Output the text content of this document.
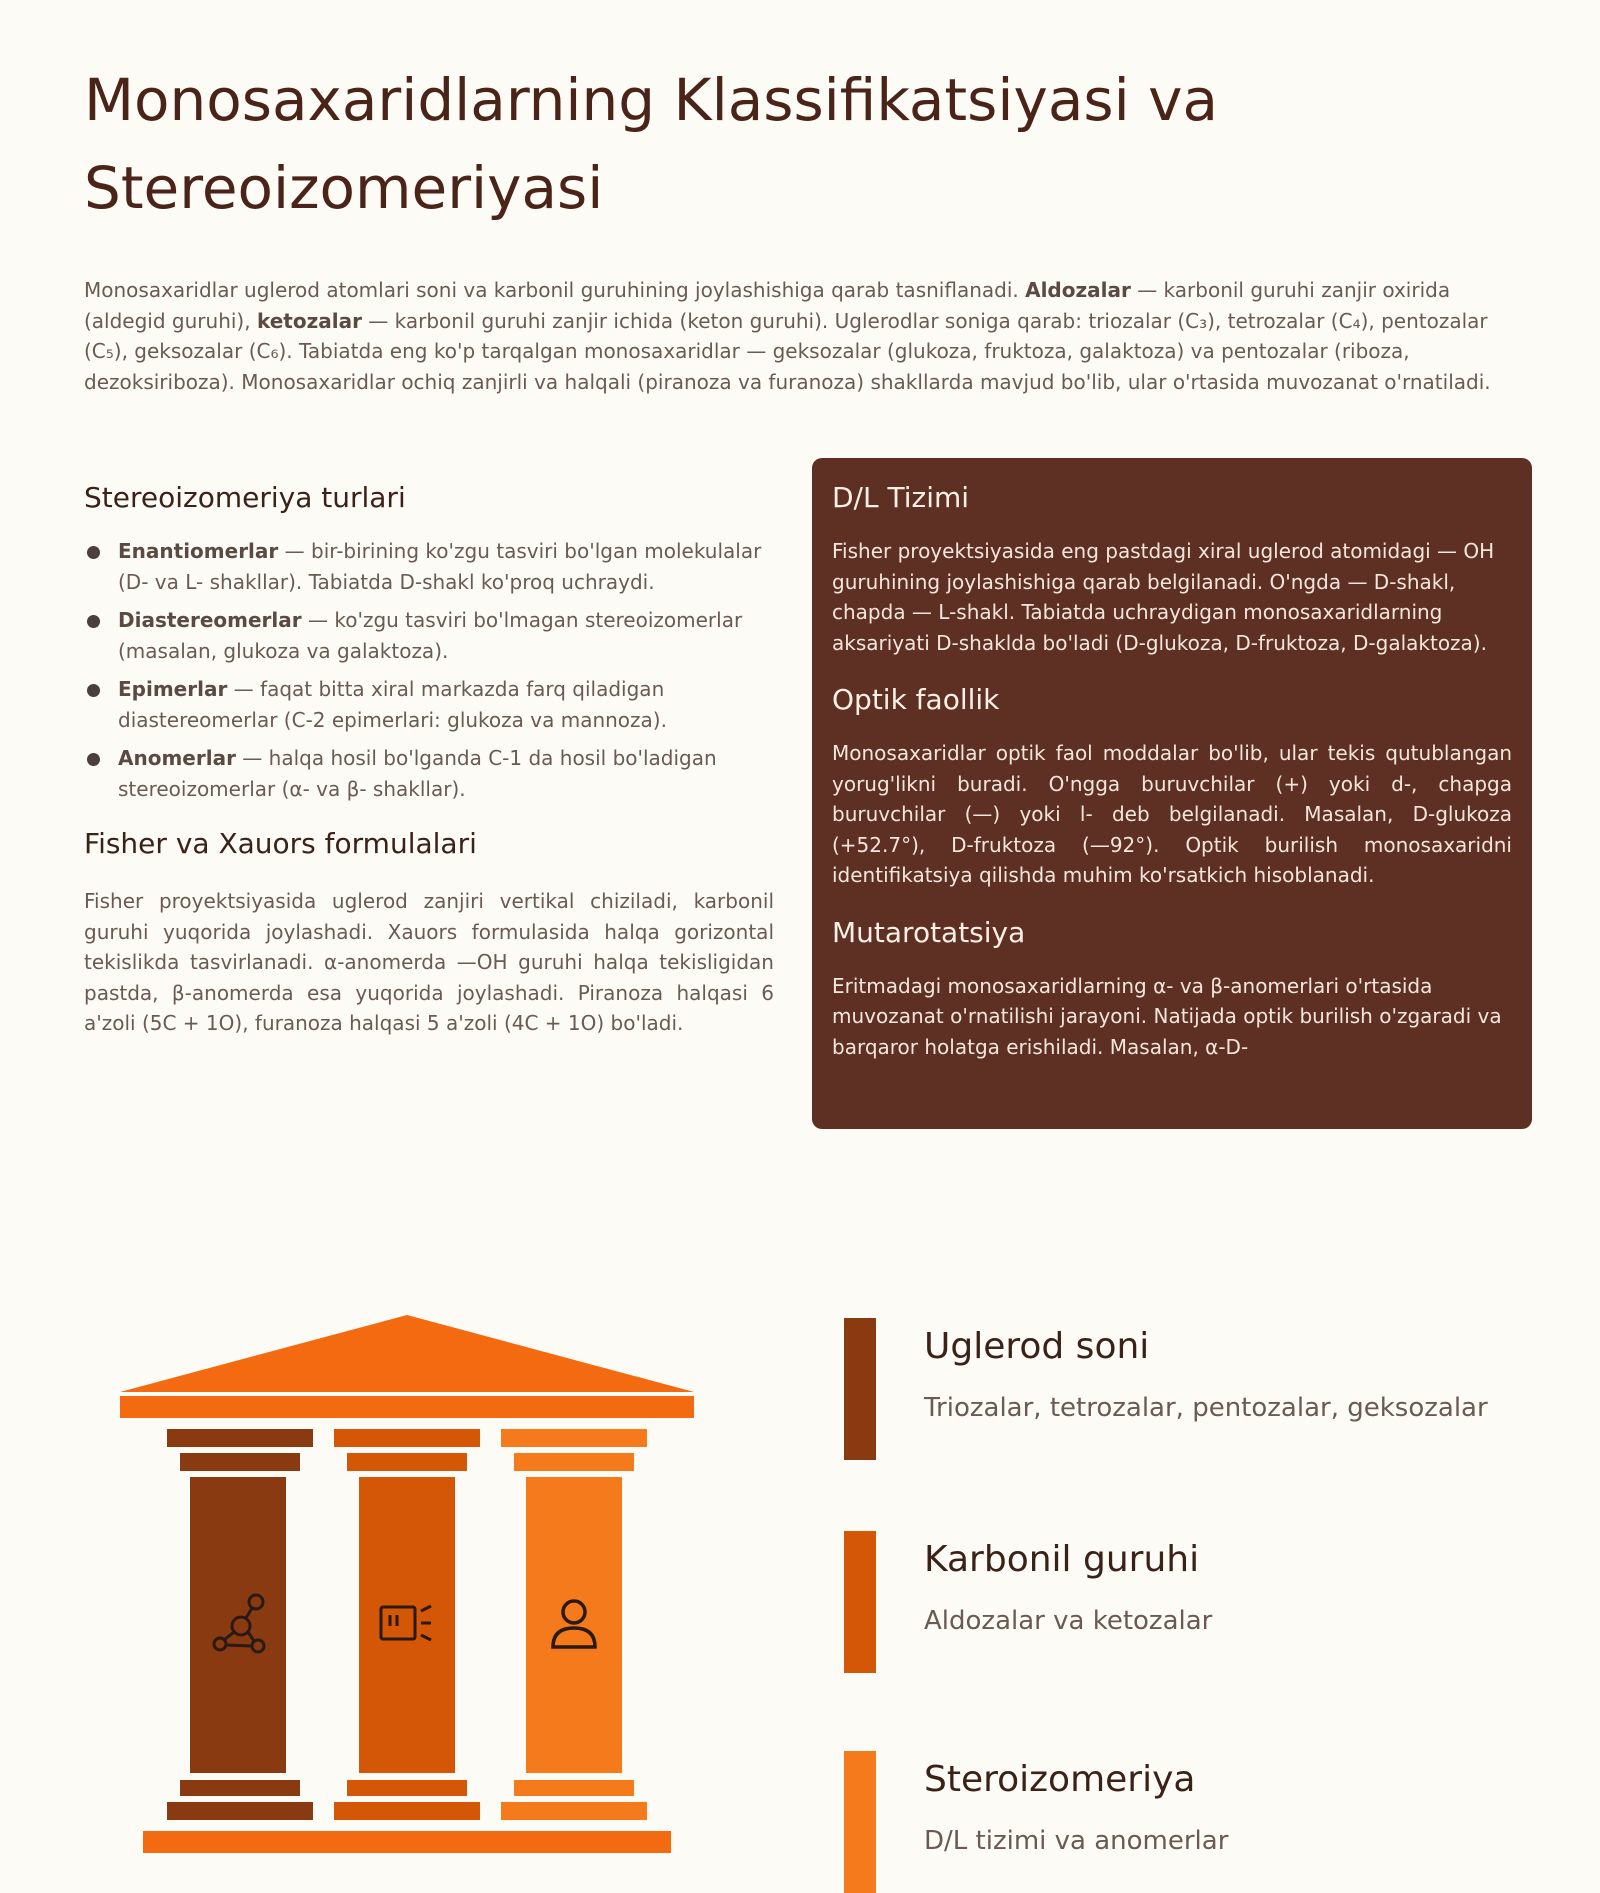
Monosaxaridlarning Klassifikatsiyasi va Stereoizomeriyasi

Monosaxaridlar uglerod atomlari soni va karbonil guruhining joylashishiga qarab tasniflanadi. Aldozalar — karbonil guruhi zanjir oxirida (aldegid guruhi), ketozalar — karbonil guruhi zanjir ichida (keton guruhi). Uglerodlar soniga qarab: triozalar (C₃), tetrozalar (C₄), pentozalar (C₅), geksozalar (C₆). Tabiatda eng ko'p tarqalgan monosaxaridlar — geksozalar (glukoza, fruktoza, galaktoza) va pentozalar (riboza, dezoksiriboza). Monosaxaridlar ochiq zanjirli va halqali (piranoza va furanoza) shakllarda mavjud bo'lib, ular o'rtasida muvozanat o'rnatiladi.

Stereoizomeriya turlari
Enantiomerlar — bir-birining ko'zgu tasviri bo'lgan molekulalar (D- va L- shakllar). Tabiatda D-shakl ko'proq uchraydi.
Diastereomerlar — ko'zgu tasviri bo'lmagan stereoizomerlar (masalan, glukoza va galaktoza).
Epimerlar — faqat bitta xiral markazda farq qiladigan diastereomerlar (C-2 epimerlari: glukoza va mannoza).
Anomerlar — halqa hosil bo'lganda C-1 da hosil bo'ladigan stereoizomerlar (α- va β- shakllar).
Fisher va Xauors formulalari

Fisher proyektsiyasida uglerod zanjiri vertikal chiziladi, karbonil guruhi yuqorida joylashadi. Xauors formulasida halqa gorizontal tekislikda tasvirlanadi. α-anomerda —OH guruhi halqa tekisligidan pastda, β-anomerda esa yuqorida joylashadi. Piranoza halqasi 6 a'zoli (5C + 1O), furanoza halqasi 5 a'zoli (4C + 1O) bo'ladi.

D/L Tizimi

Fisher proyektsiyasida eng pastdagi xiral uglerod atomidagi — OH guruhining joylashishiga qarab belgilanadi. O'ngda — D-shakl, chapda — L-shakl. Tabiatda uchraydigan monosaxaridlarning aksariyati D-shaklda bo'ladi (D-glukoza, D-fruktoza, D-galaktoza).

Optik faollik

Monosaxaridlar optik faol moddalar bo'lib, ular tekis qutublangan yorug'likni buradi. O'ngga buruvchilar (+) yoki d-, chapga buruvchilar (—) yoki l- deb belgilanadi. Masalan, D-glukoza (+52.7°), D-fruktoza (—92°). Optik burilish monosaxaridni identifikatsiya qilishda muhim ko'rsatkich hisoblanadi.

Mutarotatsiya

Eritmadagi monosaxaridlarning α- va β-anomerlari o'rtasida muvozanat o'rnatilishi jarayoni. Natijada optik burilish o'zgaradi va barqaror holatga erishiladi. Masalan, α-D-

Uglerod soni
Triozalar, tetrozalar, pentozalar, geksozalar
Karbonil guruhi
Aldozalar va ketozalar
Steroizomeriya
D/L tizimi va anomerlar
